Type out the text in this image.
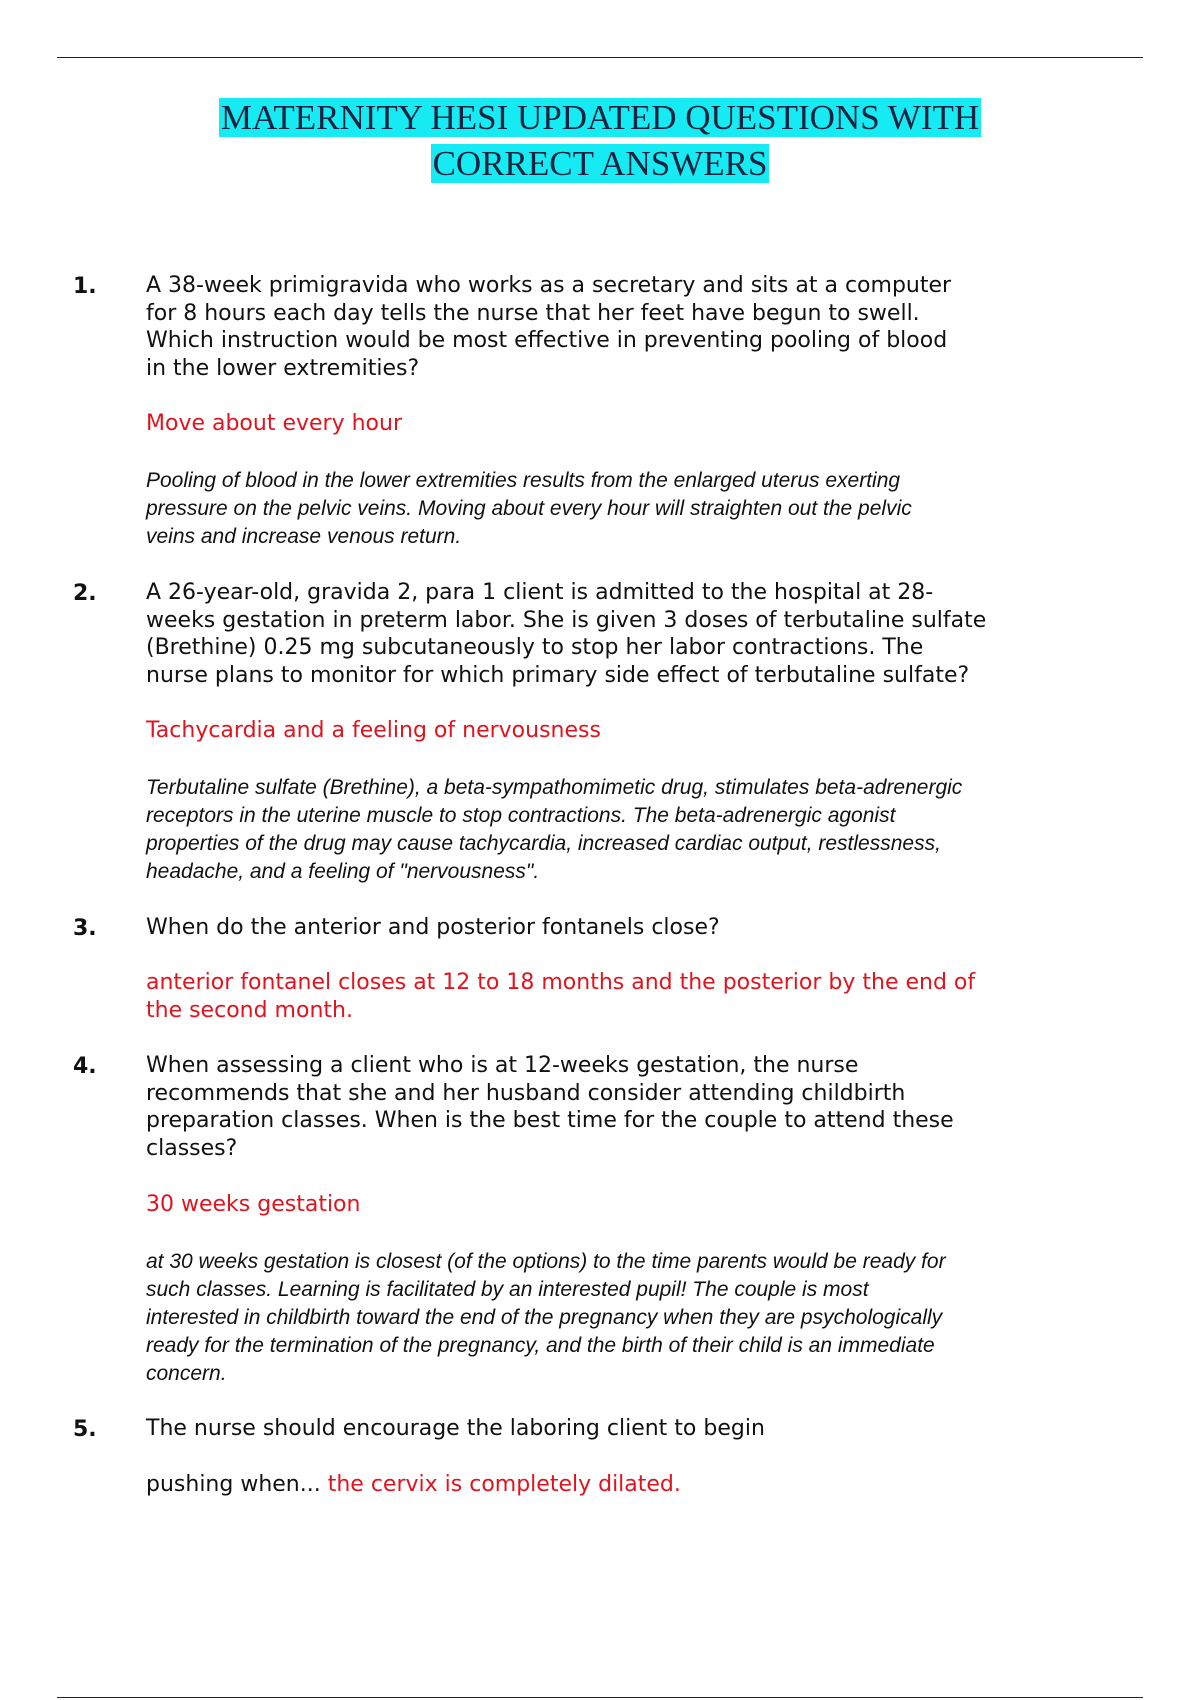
MATERNITY HESI UPDATED QUESTIONS WITH
CORRECT ANSWERS
1. A 38-week primigravida who works as a secretary and sits at a computer
for 8 hours each day tells the nurse that her feet have begun to swell.
Which instruction would be most effective in preventing pooling of blood
in the lower extremities?

Move about every hour

Pooling of blood in the lower extremities results from the enlarged uterus exerting
pressure on the pelvic veins. Moving about every hour will straighten out the pelvic
veins and increase venous return.

2. A 26-year-old, gravida 2, para 1 client is admitted to the hospital at 28-
weeks gestation in preterm labor. She is given 3 doses of terbutaline sulfate
(Brethine) 0.25 mg subcutaneously to stop her labor contractions. The
nurse plans to monitor for which primary side effect of terbutaline sulfate?

Tachycardia and a feeling of nervousness

Terbutaline sulfate (Brethine), a beta-sympathomimetic drug, stimulates beta-adrenergic
receptors in the uterine muscle to stop contractions. The beta-adrenergic agonist
properties of the drug may cause tachycardia, increased cardiac output, restlessness,
headache, and a feeling of "nervousness".

3. When do the anterior and posterior fontanels close?

anterior fontanel closes at 12 to 18 months and the posterior by the end of
the second month.

4. When assessing a client who is at 12-weeks gestation, the nurse
recommends that she and her husband consider attending childbirth
preparation classes. When is the best time for the couple to attend these
classes?

30 weeks gestation

at 30 weeks gestation is closest (of the options) to the time parents would be ready for
such classes. Learning is facilitated by an interested pupil! The couple is most
interested in childbirth toward the end of the pregnancy when they are psychologically
ready for the termination of the pregnancy, and the birth of their child is an immediate
concern.

5. The nurse should encourage the laboring client to begin

pushing when... the cervix is completely dilated.
